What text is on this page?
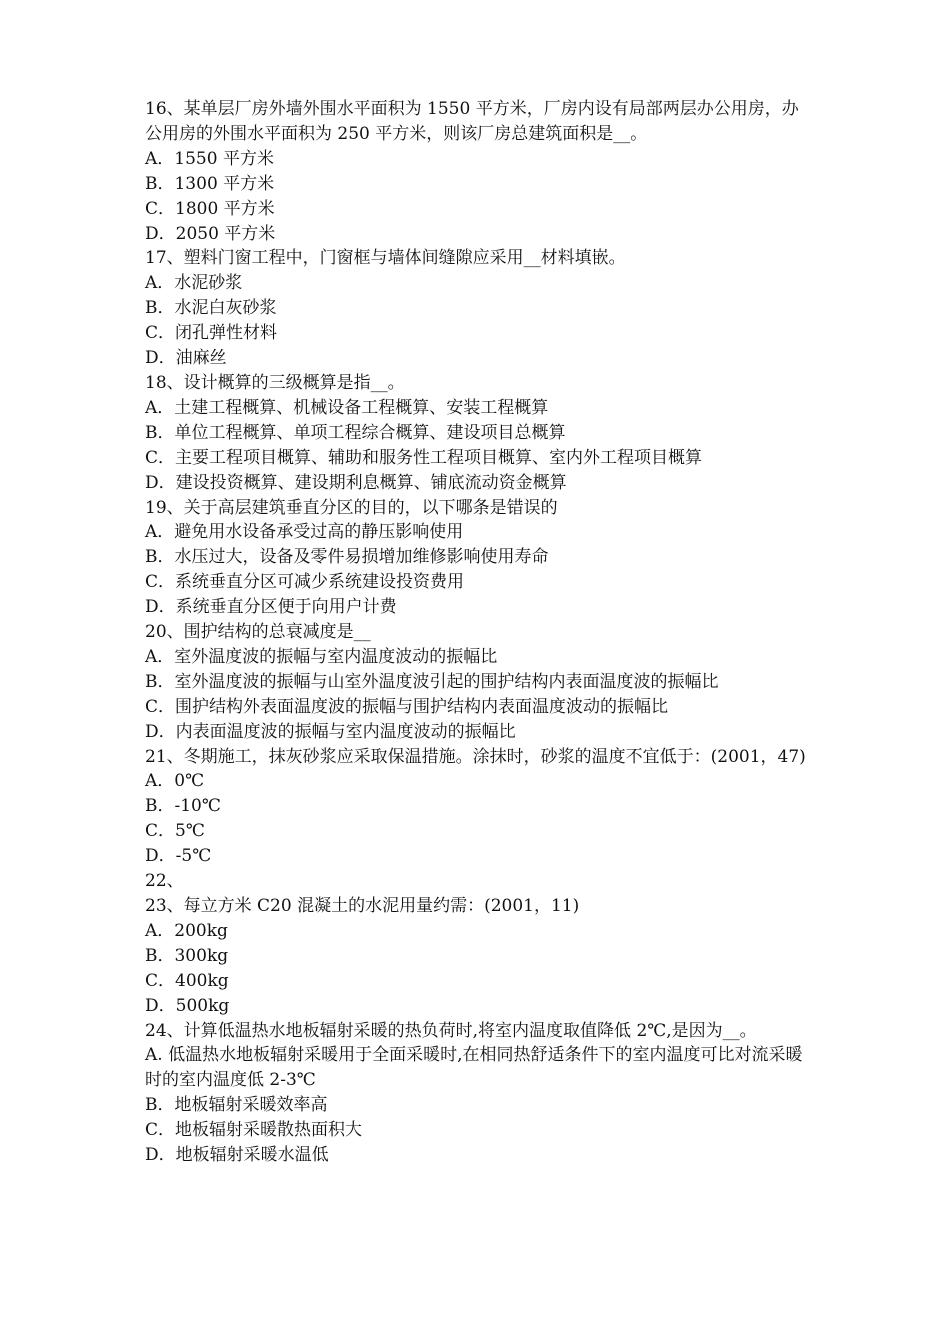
16、某单层厂房外墙外围水平面积为 1550 平方米，厂房内设有局部两层办公用房，办公用房的外围水平面积为 250 平方米，则该厂房总建筑面积是__。
A．1550 平方米
B．1300 平方米
C．1800 平方米
D．2050 平方米
17、塑料门窗工程中，门窗框与墙体间缝隙应采用__材料填嵌。
A．水泥砂浆
B．水泥白灰砂浆
C．闭孔弹性材料
D．油麻丝
18、设计概算的三级概算是指__。
A．土建工程概算、机械设备工程概算、安装工程概算
B．单位工程概算、单项工程综合概算、建设项目总概算
C．主要工程项目概算、辅助和服务性工程项目概算、室内外工程项目概算
D．建设投资概算、建设期利息概算、铺底流动资金概算
19、关于高层建筑垂直分区的目的，以下哪条是错误的
A．避免用水设备承受过高的静压影响使用
B．水压过大，设备及零件易损增加维修影响使用寿命
C．系统垂直分区可减少系统建设投资费用
D．系统垂直分区便于向用户计费
20、围护结构的总衰减度是__
A．室外温度波的振幅与室内温度波动的振幅比
B．室外温度波的振幅与山室外温度波引起的围护结构内表面温度波的振幅比
C．围护结构外表面温度波的振幅与围护结构内表面温度波动的振幅比
D．内表面温度波的振幅与室内温度波动的振幅比
21、冬期施工，抹灰砂浆应采取保温措施。涂抹时，砂浆的温度不宜低于：(2001，47)
A．0℃
B．-10℃
C．5℃
D．-5℃
22、
23、每立方米 C20 混凝土的水泥用量约需：(2001，11)
A．200kg
B．300kg
C．400kg
D．500kg
24、计算低温热水地板辐射采暖的热负荷时,将室内温度取值降低 2℃,是因为__。
A. 低温热水地板辐射采暖用于全面采暖时,在相同热舒适条件下的室内温度可比对流采暖时的室内温度低 2-3℃
B．地板辐射采暖效率高
C．地板辐射采暖散热面积大
D．地板辐射采暖水温低
